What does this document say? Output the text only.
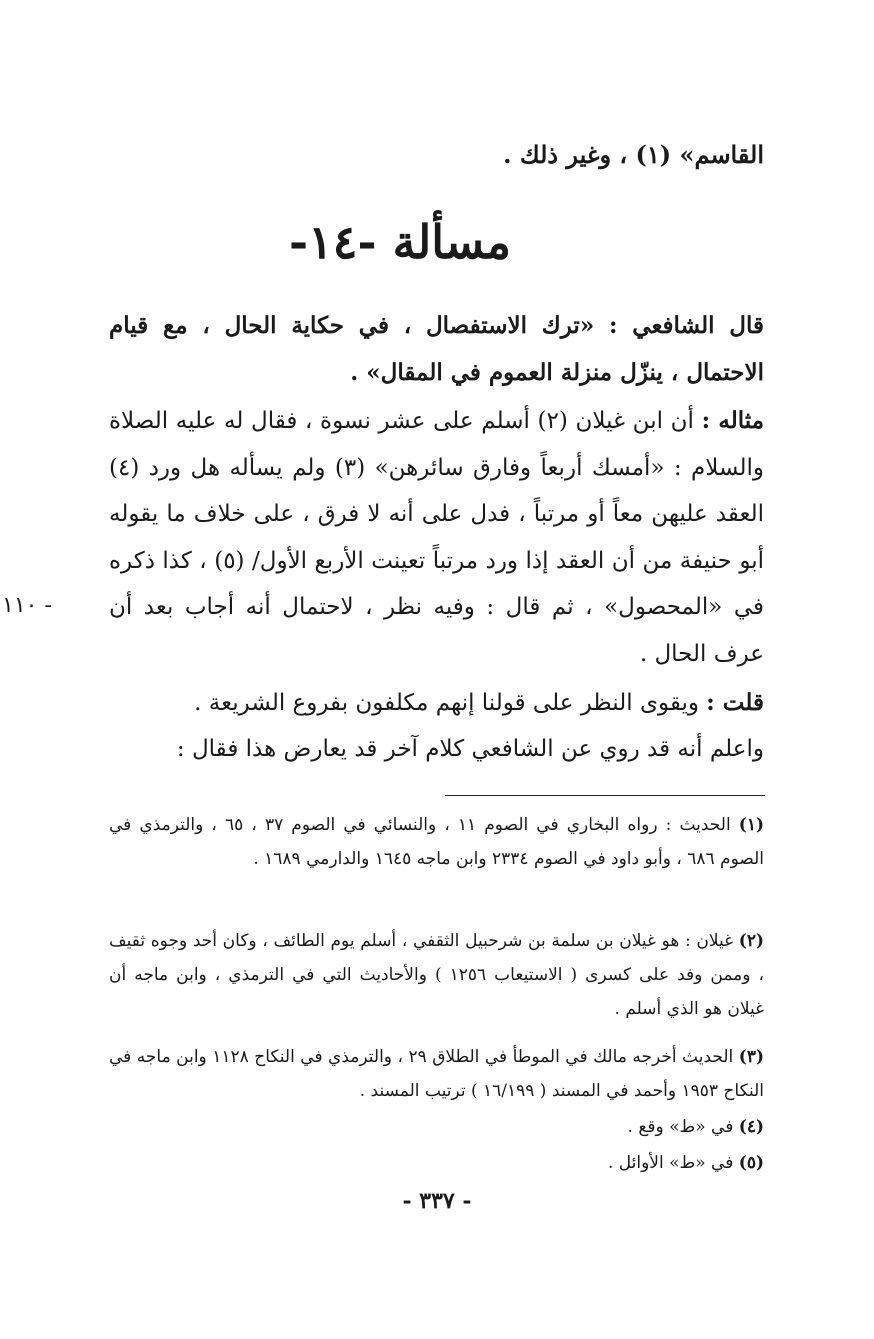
القاسم» (١) ، وغير ذلك .
مسألة -١٤-
قال الشافعي : «ترك الاستفصال ، في حكاية الحال ، مع قيام الاحتمال ، ينزّل منزلة العموم في المقال» .
مثاله : أن ابن غيلان (٢) أسلم على عشر نسوة ، فقال له عليه الصلاة والسلام : «أمسك أربعاً وفارق سائرهن» (٣) ولم يسأله هل ورد (٤) العقد عليهن معاً أو مرتباً ، فدل على أنه لا فرق ، على خلاف ما يقوله أبو حنيفة من أن العقد إذا ورد مرتباً تعينت الأربع الأول/ (٥) ، كذا ذكره في «المحصول» ، ثم قال : وفيه نظر ، لاحتمال أنه أجاب بعد أن عرف الحال .
قلت : ويقوى النظر على قولنا إنهم مكلفون بفروع الشريعة .
واعلم أنه قد روي عن الشافعي كلام آخر قد يعارض هذا فقال :
١١٠ -
(١) الحديث : رواه البخاري في الصوم ١١ ، والنسائي في الصوم ٣٧ ، ٦٥ ، والترمذي في الصوم ٦٨٦ ، وأبو داود في الصوم ٢٣٣٤ وابن ماجه ١٦٤٥ والدارمي ١٦٨٩ .
(٢) غيلان : هو غيلان بن سلمة بن شرحبيل الثقفي ، أسلم يوم الطائف ، وكان أحد وجوه ثقيف ، وممن وفد على كسرى ( الاستيعاب ١٢٥٦ ) والأحاديث التي في الترمذي ، وابن ماجه أن غيلان هو الذي أسلم .
(٣) الحديث أخرجه مالك في الموطأ في الطلاق ٢٩ ، والترمذي في النكاح ١١٢٨ وابن ماجه في النكاح ١٩٥٣ وأحمد في المسند ( ١٦/١٩٩ ) ترتيب المسند .
(٤) في «ط» وقع .
(٥) في «ط» الأوائل .
- ٣٣٧ -
